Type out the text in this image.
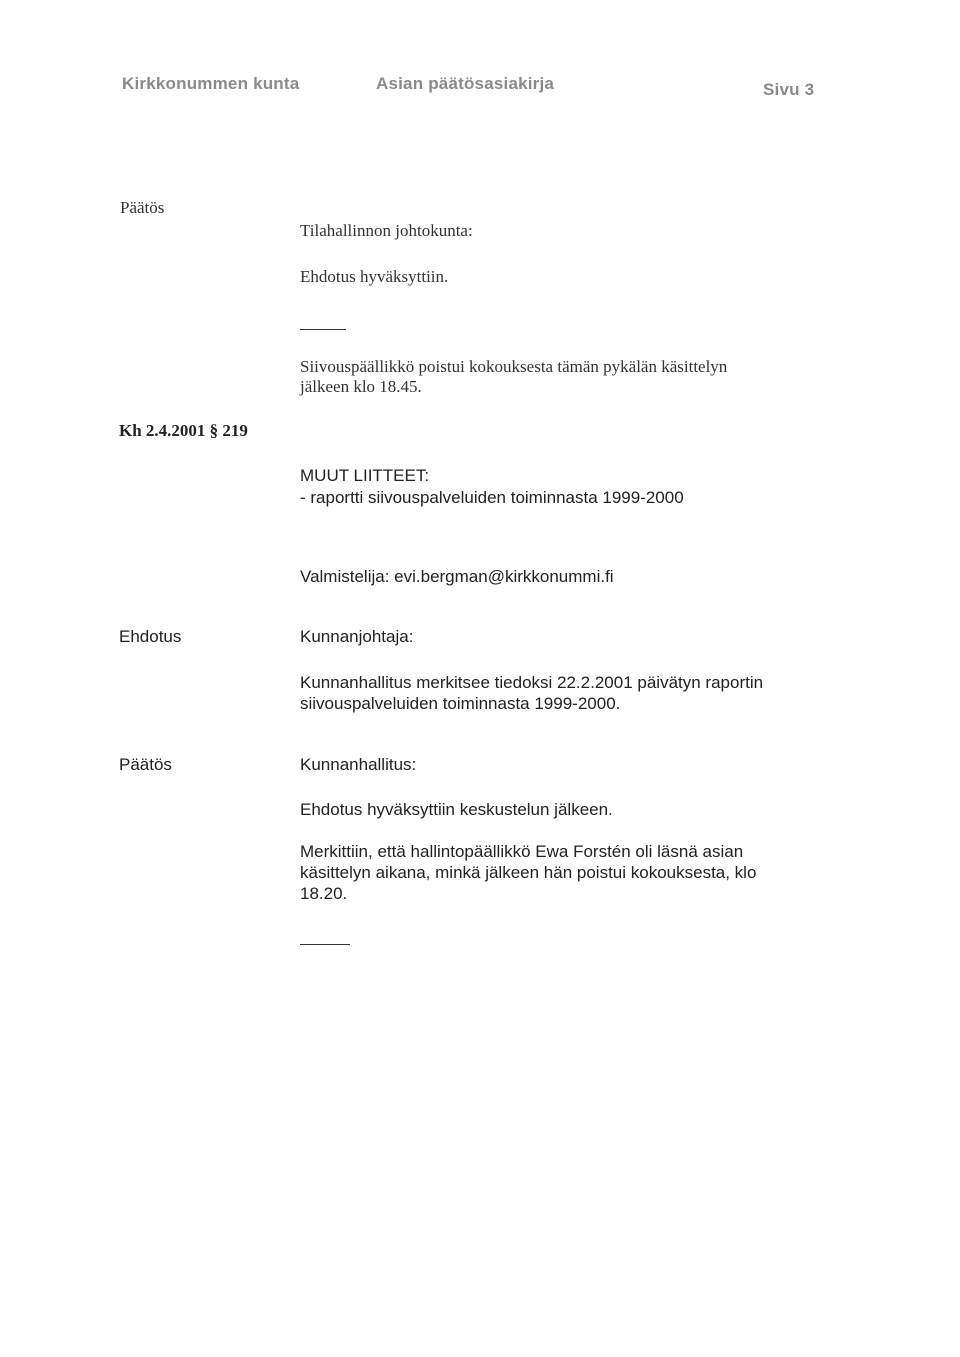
Kirkkonummen kunta	Asian päätösasiakirja	Sivu 3
Päätös
Tilahallinnon johtokunta:
Ehdotus hyväksyttiin.
Siivouspäällikkö poistui kokouksesta tämän pykälän käsittelyn
jälkeen klo 18.45.
Kh 2.4.2001 § 219
MUUT LIITTEET:
- raportti siivouspalveluiden toiminnasta 1999-2000
Valmistelija: evi.bergman@kirkkonummi.fi
Ehdotus	Kunnanjohtaja:
Kunnanhallitus merkitsee tiedoksi 22.2.2001 päivätyn raportin
siivouspalveluiden toiminnasta 1999-2000.
Päätös	Kunnanhallitus:
Ehdotus hyväksyttiin keskustelun jälkeen.
Merkittiin, että hallintopäällikkö Ewa Forstén oli läsnä asian
käsittelyn aikana, minkä jälkeen hän poistui kokouksesta, klo
18.20.
